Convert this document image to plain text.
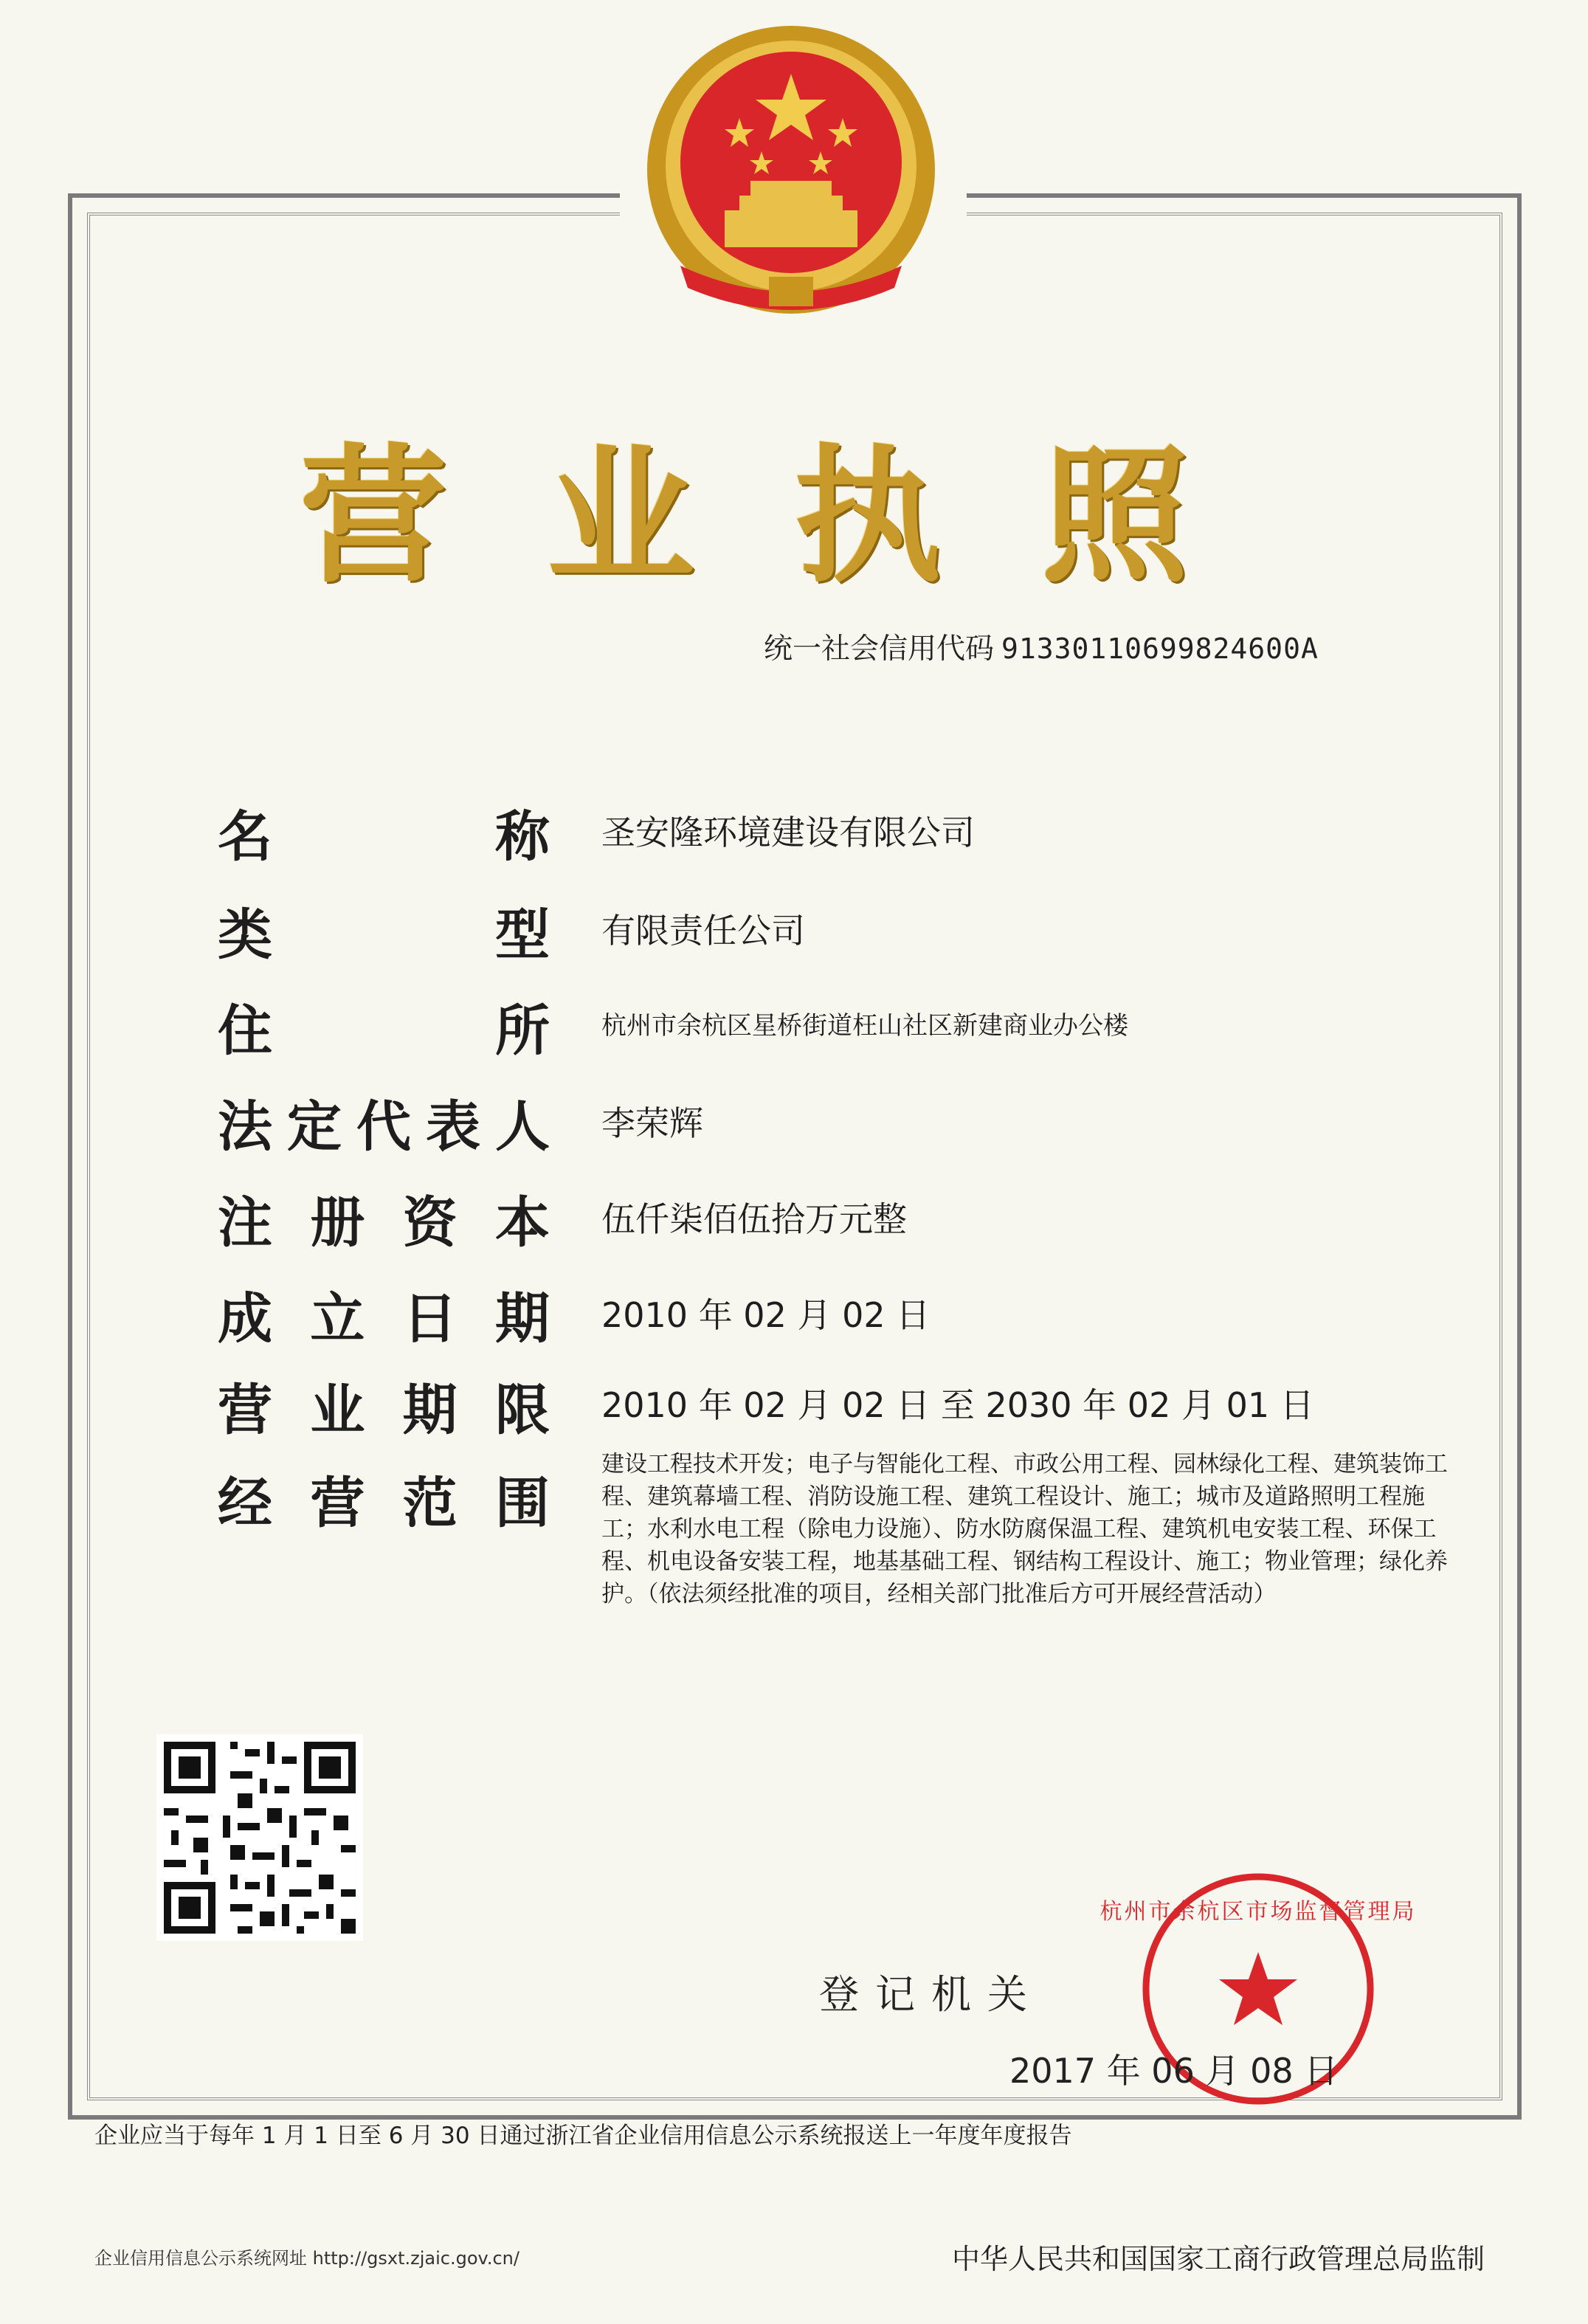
营业执照
统一社会信用代码 91330110699824600A
名	称 圣安隆环境建设有限公司
类	型 有限责任公司
住	所 杭州市余杭区星桥街道枉山社区新建商业办公楼
法 定 代 表 人 李荣辉
注 册 资 本 伍仟柒佰伍拾万元整
成 立 日 期 2010 年 02 月 02 日
营 业 期 限 2010 年 02 月 02 日 至 2030 年 02 月 01 日
经 营 范 围
建设工程技术开发；电子与智能化工程、市政公用工程、园林绿化工程、建筑装饰工程、建筑幕墙工程、消防设施工程、建筑工程设计、施工；城市及道路照明工程施工；水利水电工程（除电力设施）、防水防腐保温工程、建筑机电安装工程、环保工程、机电设备安装工程，地基基础工程、钢结构工程设计、施工；物业管理；绿化养护。（依法须经批准的项目，经相关部门批准后方可开展经营活动）
登记机关
杭州市余杭区市场监督管理局
2017 年 06 月 08 日
企业应当于每年 1 月 1 日至 6 月 30 日通过浙江省企业信用信息公示系统报送上一年度年度报告
企业信用信息公示系统网址 http://gsxt.zjaic.gov.cn/	中华人民共和国国家工商行政管理总局监制
